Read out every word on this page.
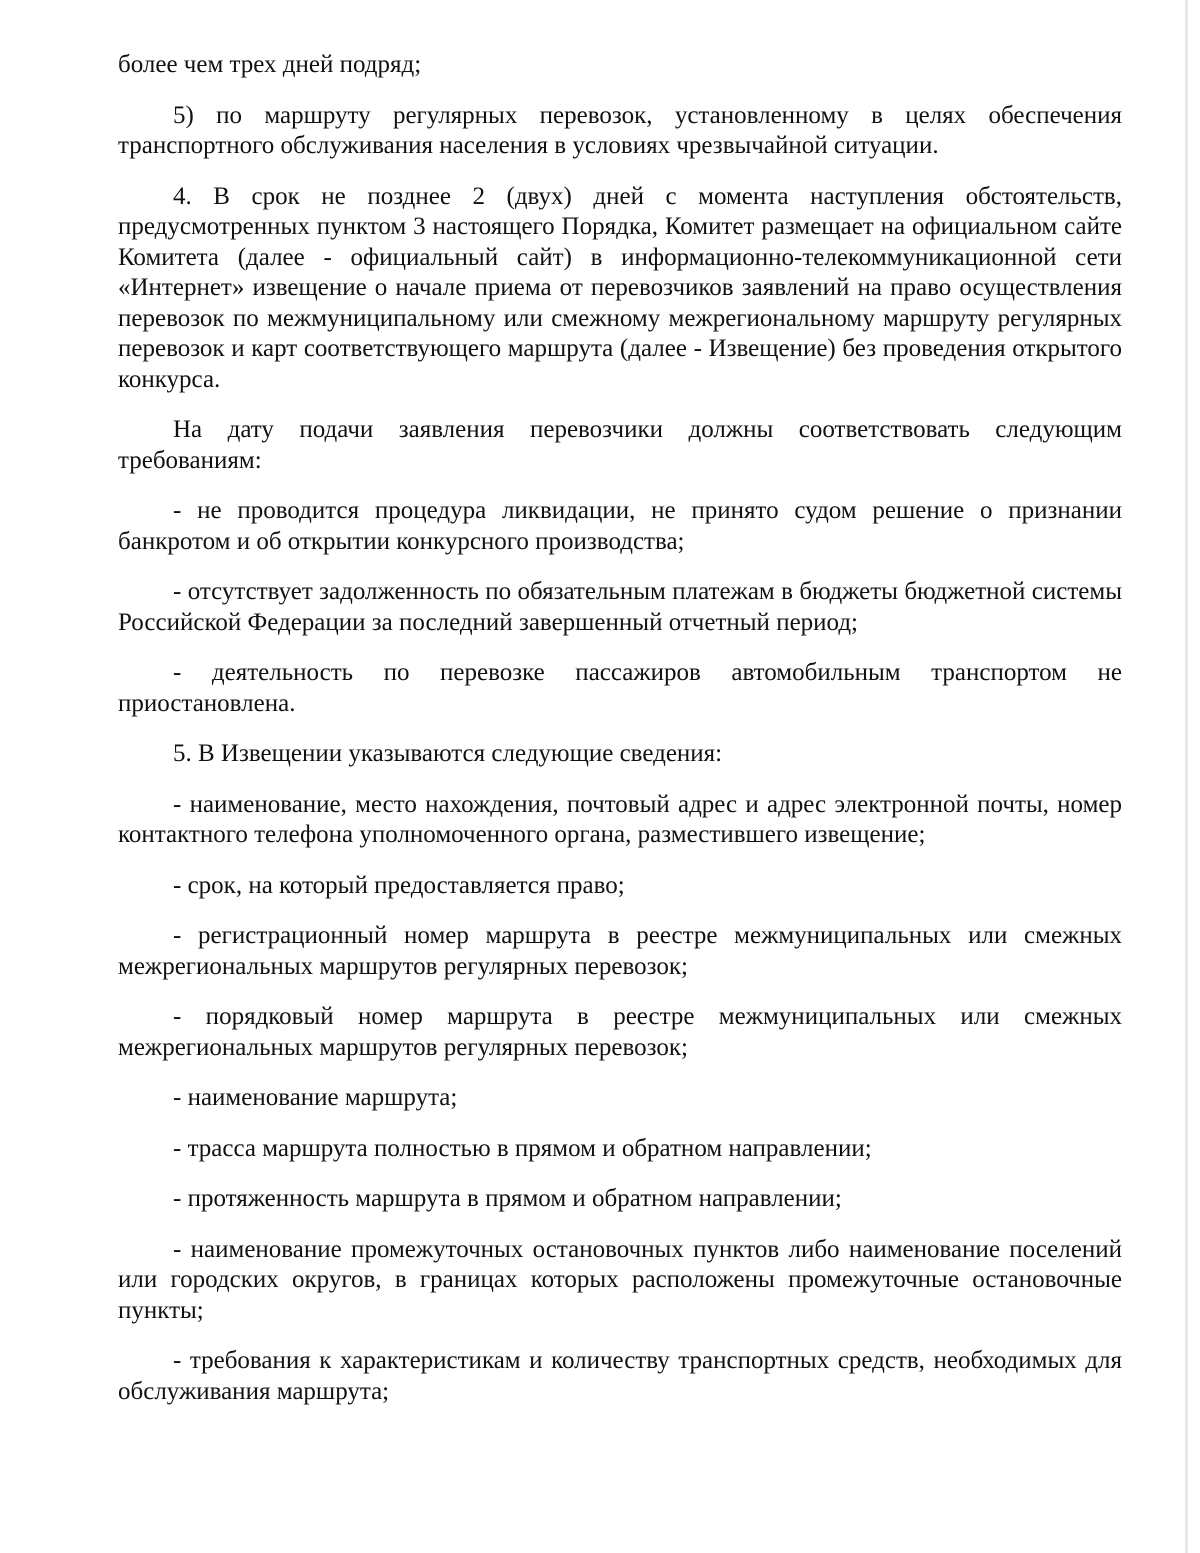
более чем трех дней подряд;

5) по маршруту регулярных перевозок, установленному в целях обеспечения транспортного обслуживания населения в условиях чрезвычайной ситуации.

4. В срок не позднее 2 (двух) дней с момента наступления обстоятельств, предусмотренных пунктом 3 настоящего Порядка, Комитет размещает на официальном сайте Комитета (далее - официальный сайт) в информационно-телекоммуникационной сети «Интернет» извещение о начале приема от перевозчиков заявлений на право осуществления перевозок по межмуниципальному или смежному межрегиональному маршруту регулярных перевозок и карт соответствующего маршрута (далее - Извещение) без проведения открытого конкурса.

На дату подачи заявления перевозчики должны соответствовать следующим требованиям:

- не проводится процедура ликвидации, не принято судом решение о признании банкротом и об открытии конкурсного производства;

- отсутствует задолженность по обязательным платежам в бюджеты бюджетной системы Российской Федерации за последний завершенный отчетный период;

- деятельность по перевозке пассажиров автомобильным транспортом не приостановлена.

5. В Извещении указываются следующие сведения:

- наименование, место нахождения, почтовый адрес и адрес электронной почты, номер контактного телефона уполномоченного органа, разместившего извещение;

- срок, на который предоставляется право;

- регистрационный номер маршрута в реестре межмуниципальных или смежных межрегиональных маршрутов регулярных перевозок;

- порядковый номер маршрута в реестре межмуниципальных или смежных межрегиональных маршрутов регулярных перевозок;

- наименование маршрута;

- трасса маршрута полностью в прямом и обратном направлении;

- протяженность маршрута в прямом и обратном направлении;

- наименование промежуточных остановочных пунктов либо наименование поселений или городских округов, в границах которых расположены промежуточные остановочные пункты;

- требования к характеристикам и количеству транспортных средств, необходимых для обслуживания маршрута;
